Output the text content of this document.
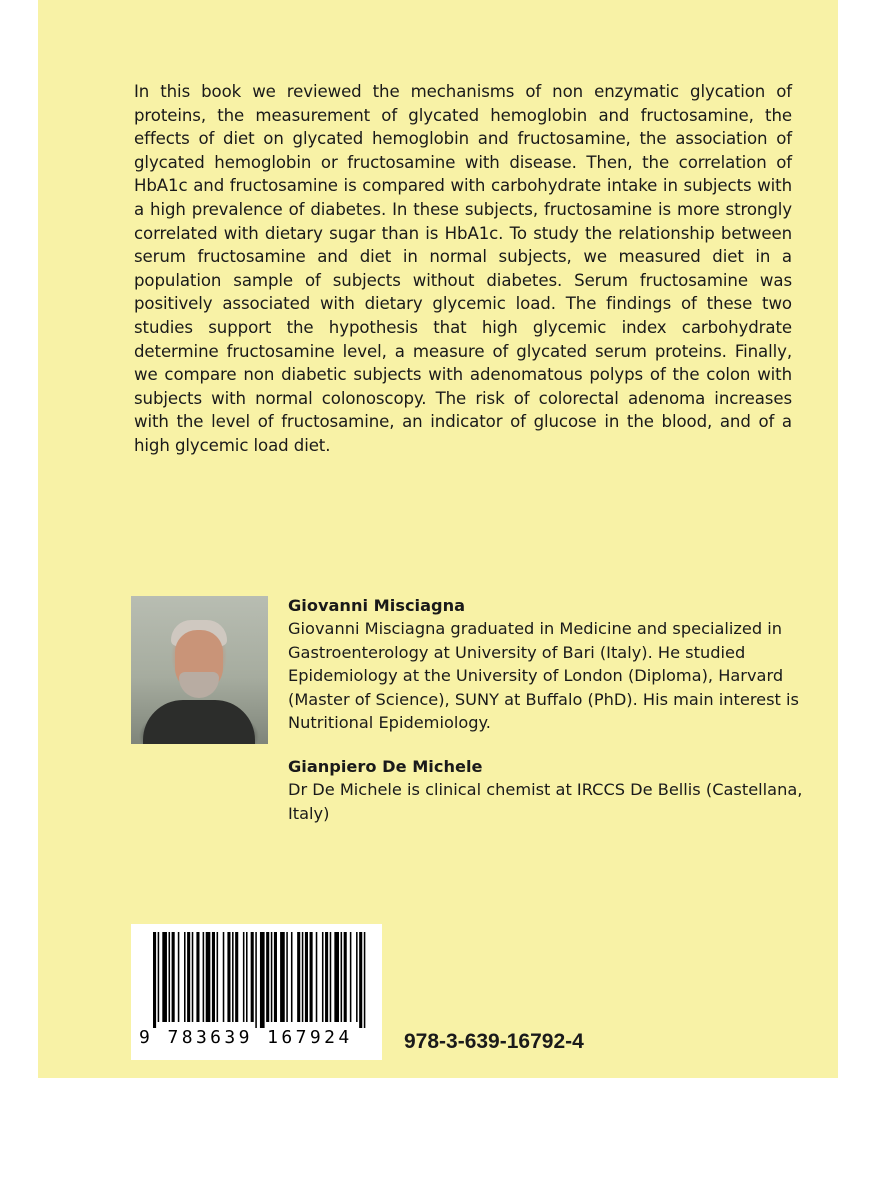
In this book we reviewed the mechanisms of non enzymatic glycation of proteins, the measurement of glycated hemoglobin and fructosamine, the effects of diet on glycated hemoglobin and fructosamine, the association of glycated hemoglobin or fructosamine with disease. Then, the correlation of HbA1c and fructosamine is compared with carbohydrate intake in subjects with a high prevalence of diabetes. In these subjects, fructosamine is more strongly correlated with dietary sugar than is HbA1c. To study the relationship between serum fructosamine and diet in normal subjects, we measured diet in a population sample of subjects without diabetes. Serum fructosamine was positively associated with dietary glycemic load. The findings of these two studies support the hypothesis that high glycemic index carbohydrate determine fructosamine level, a measure of glycated serum proteins. Finally, we compare non diabetic subjects with adenomatous polyps of the colon with subjects with normal colonoscopy. The risk of colorectal adenoma increases with the level of fructosamine, an indicator of glucose in the blood, and of a high glycemic load diet.

Giovanni Misciagna
Giovanni Misciagna graduated in Medicine and specialized in Gastroenterology at University of Bari (Italy). He studied Epidemiology at the University of London (Diploma), Harvard (Master of Science), SUNY at Buffalo (PhD). His main interest is Nutritional Epidemiology.
Gianpiero De Michele
Dr De Michele is clinical chemist at IRCCS De Bellis (Castellana, Italy)
9 783639 167924	978-3-639-16792-4
